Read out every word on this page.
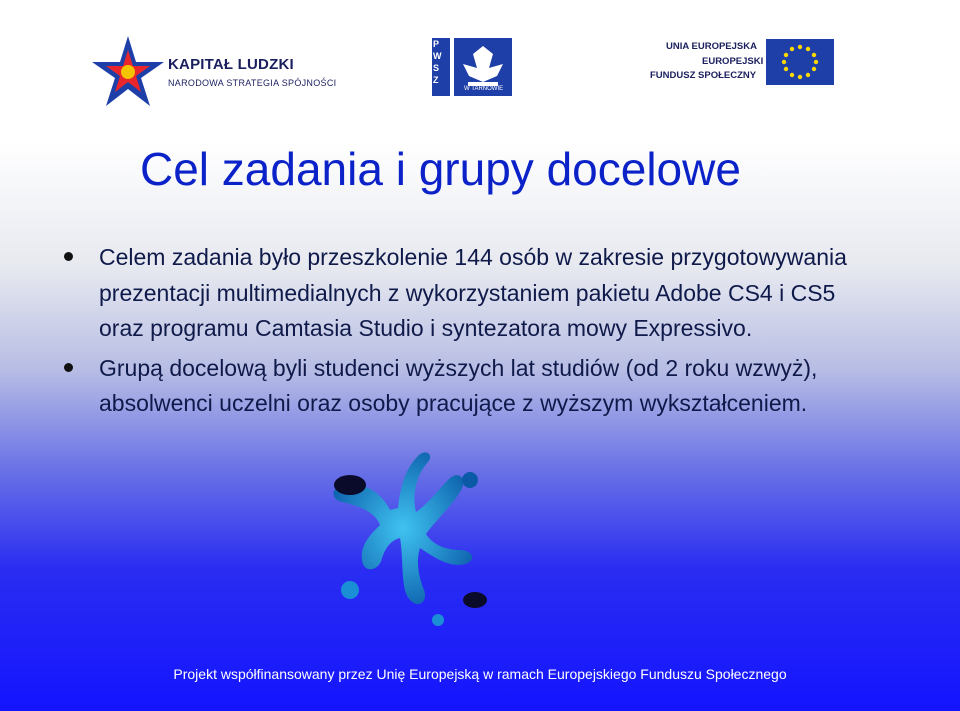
KAPITAŁ LUDZKI
NARODOWA STRATEGIA SPÓJNOŚCI
PWSZ
W TARNOWIE
UNIA EUROPEJSKA
EUROPEJSKI
FUNDUSZ SPOŁECZNY
Cel zadania i grupy docelowe
Celem zadania było przeszkolenie 144 osób w zakresie przygotowywania prezentacji multimedialnych z wykorzystaniem pakietu Adobe CS4 i CS5 oraz programu Camtasia Studio i syntezatora mowy Expressivo.
Grupą docelową byli studenci wyższych lat studiów (od 2 roku wzwyż), absolwenci uczelni oraz osoby pracujące z wyższym wykształceniem.
Projekt współfinansowany przez Unię Europejską w ramach Europejskiego Funduszu Społecznego
